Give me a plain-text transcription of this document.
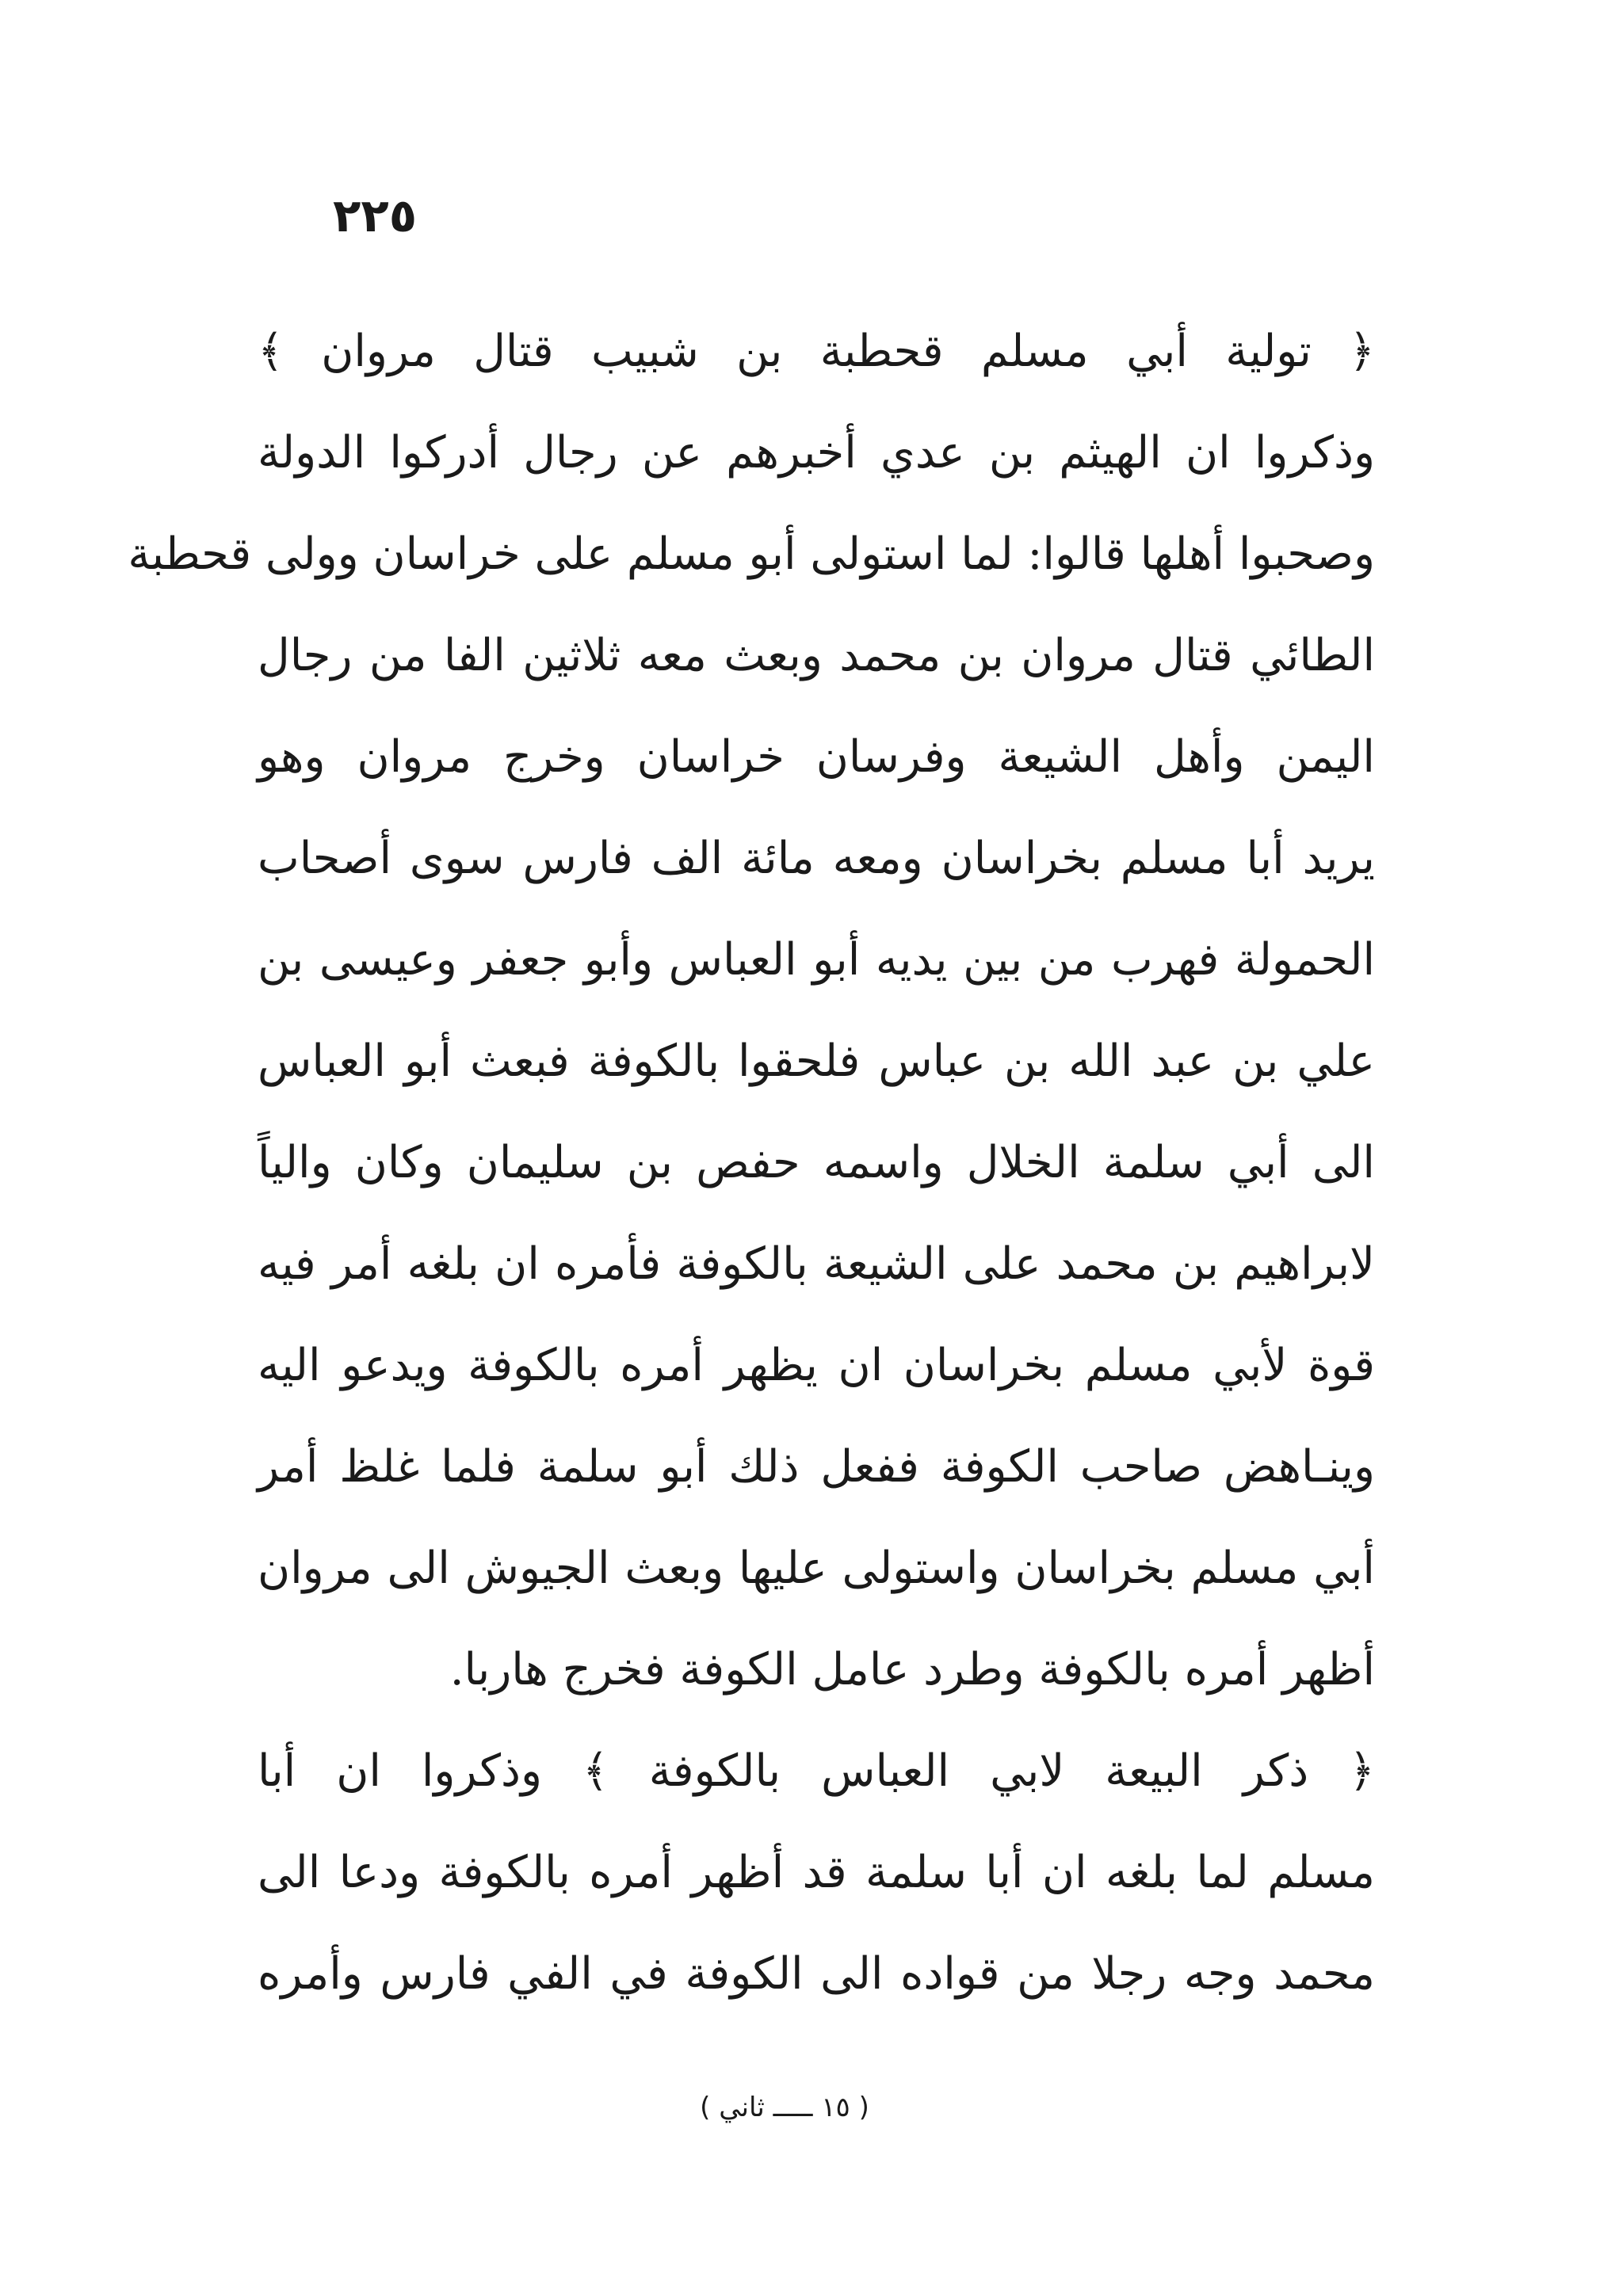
٢٢٥
﴿ تولية أبي مسلم قحطبة بن شبيب قتال مروان ﴾
وذكروا ان الهيثم بن عدي أخبرهم عن رجال أدركوا الدولة
وصحبوا أهلها قالوا: لما استولى أبو مسلم على خراسان وولى قحطبة
الطائي قتال مروان بن محمد وبعث معه ثلاثين الفا من رجال
اليمن وأهل الشيعة وفرسان خراسان وخرج مروان وهو
يريد أبا مسلم بخراسان ومعه مائة الف فارس سوى أصحاب
الحمولة فهرب من بين يديه أبو العباس وأبو جعفر وعيسى بن
علي بن عبد الله بن عباس فلحقوا بالكوفة فبعث أبو العباس
الى أبي سلمة الخلال واسمه حفص بن سليمان وكان والياً
لابراهيم بن محمد على الشيعة بالكوفة فأمره ان بلغه أمر فيه
قوة لأبي مسلم بخراسان ان يظهر أمره بالكوفة ويدعو اليه
وينـاهض صاحب الكوفة ففعل ذلك أبو سلمة فلما غلظ أمر
أبي مسلم بخراسان واستولى عليها وبعث الجيوش الى مروان
أظهر أمره بالكوفة وطرد عامل الكوفة فخرج هاربا.
﴿ ذكر البيعة لابي العباس بالكوفة ﴾ وذكروا ان أبا
مسلم لما بلغه ان أبا سلمة قد أظهر أمره بالكوفة ودعا الى
محمد وجه رجلا من قواده الى الكوفة في الفي فارس وأمره
( ١٥ ـــــ ثاني )
